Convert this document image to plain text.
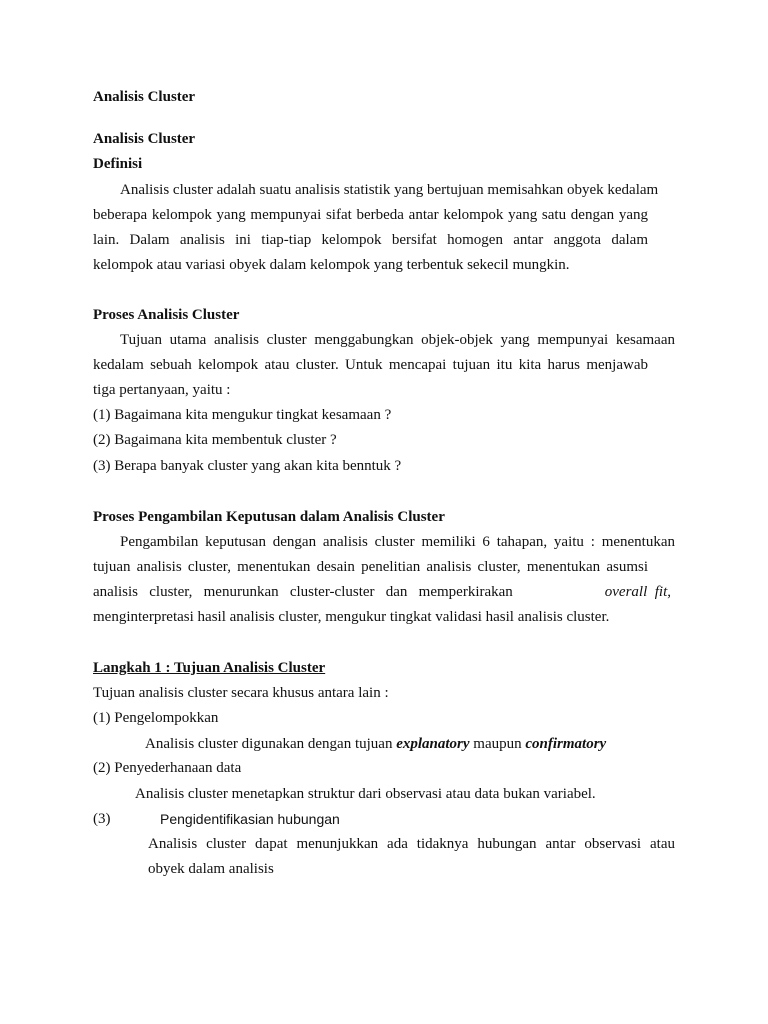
Analisis Cluster
Analisis Cluster
Definisi
Analisis cluster adalah suatu analisis statistik yang bertujuan memisahkan obyek kedalam
beberapa kelompok yang mempunyai sifat berbeda antar kelompok yang satu dengan yang
lain. Dalam analisis ini tiap-tiap kelompok bersifat homogen antar anggota dalam
kelompok atau variasi obyek dalam kelompok yang terbentuk sekecil mungkin.
Proses Analisis Cluster
Tujuan utama analisis cluster menggabungkan objek-objek yang mempunyai kesamaan
kedalam sebuah kelompok atau cluster. Untuk mencapai tujuan itu kita harus menjawab
tiga pertanyaan, yaitu :
(1) Bagaimana kita mengukur tingkat kesamaan ?
(2) Bagaimana kita membentuk cluster ?
(3) Berapa banyak cluster yang akan kita benntuk ?
Proses Pengambilan Keputusan dalam Analisis Cluster
Pengambilan keputusan dengan analisis cluster memiliki 6 tahapan, yaitu : menentukan
tujuan analisis cluster, menentukan desain penelitian analisis cluster, menentukan asumsi
analisis   cluster,   menurunkan   cluster-cluster   dan   memperkirakan	overall  fit,
menginterpretasi hasil analisis cluster, mengukur tingkat validasi hasil analisis cluster.
Langkah 1 : Tujuan Analisis Cluster
Tujuan analisis cluster secara khusus antara lain :
(1) Pengelompokkan
Analisis cluster digunakan dengan tujuan explanatory maupun confirmatory
(2) Penyederhanaan data
Analisis cluster menetapkan struktur dari observasi atau data bukan variabel.
(3)	Pengidentifikasian hubungan
Analisis cluster dapat menunjukkan ada tidaknya hubungan antar observasi atau
obyek dalam analisis
